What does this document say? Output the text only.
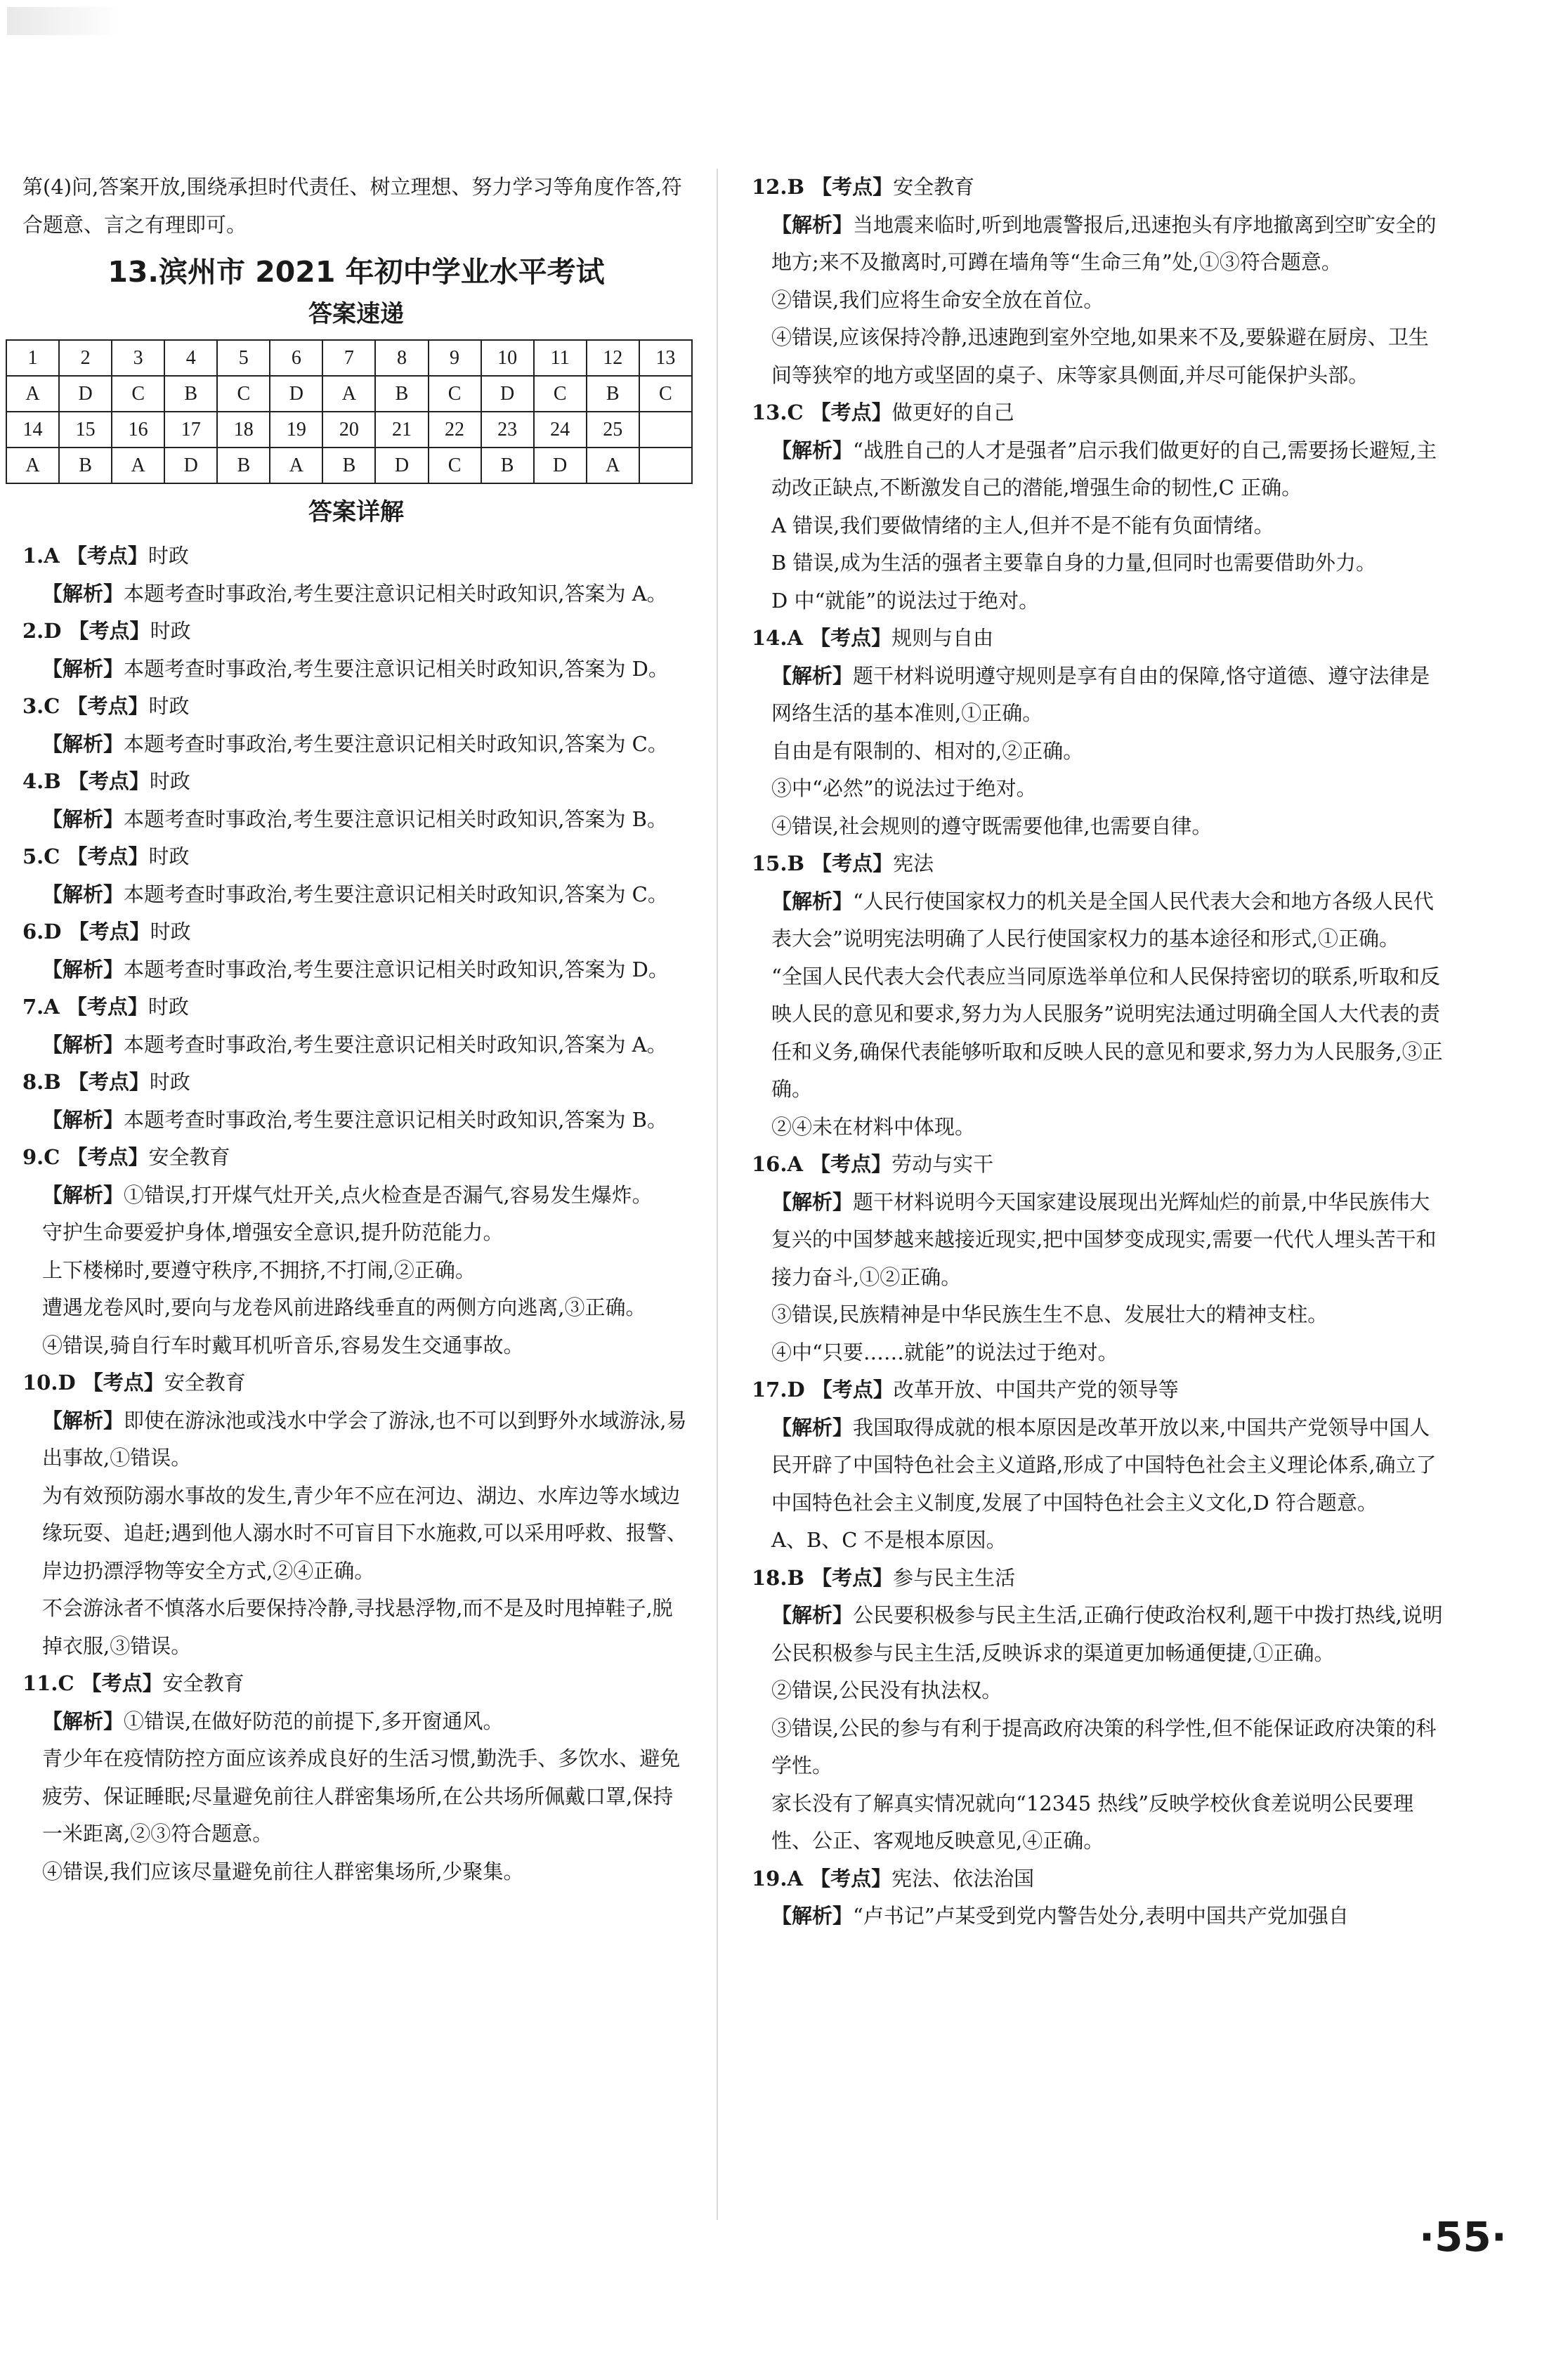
第(4)问,答案开放,围绕承担时代责任、树立理想、努力学习等角度作答,符合题意、言之有理即可。

13.滨州市 2021 年初中学业水平考试
答案速递
1	2	3	4	5	6	7	8	9	10	11	12	13
A	D	C	B	C	D	A	B	C	D	C	B	C
14	15	16	17	18	19	20	21	22	23	24	25	
A	B	A	D	B	A	B	D	C	B	D	A	
答案详解

1.A 【考点】时政

【解析】本题考查时事政治,考生要注意识记相关时政知识,答案为 A。

2.D 【考点】时政

【解析】本题考查时事政治,考生要注意识记相关时政知识,答案为 D。

3.C 【考点】时政

【解析】本题考查时事政治,考生要注意识记相关时政知识,答案为 C。

4.B 【考点】时政

【解析】本题考查时事政治,考生要注意识记相关时政知识,答案为 B。

5.C 【考点】时政

【解析】本题考查时事政治,考生要注意识记相关时政知识,答案为 C。

6.D 【考点】时政

【解析】本题考查时事政治,考生要注意识记相关时政知识,答案为 D。

7.A 【考点】时政

【解析】本题考查时事政治,考生要注意识记相关时政知识,答案为 A。

8.B 【考点】时政

【解析】本题考查时事政治,考生要注意识记相关时政知识,答案为 B。

9.C 【考点】安全教育

【解析】①错误,打开煤气灶开关,点火检查是否漏气,容易发生爆炸。

守护生命要爱护身体,增强安全意识,提升防范能力。

上下楼梯时,要遵守秩序,不拥挤,不打闹,②正确。

遭遇龙卷风时,要向与龙卷风前进路线垂直的两侧方向逃离,③正确。

④错误,骑自行车时戴耳机听音乐,容易发生交通事故。

10.D 【考点】安全教育

【解析】即使在游泳池或浅水中学会了游泳,也不可以到野外水域游泳,易出事故,①错误。

为有效预防溺水事故的发生,青少年不应在河边、湖边、水库边等水域边缘玩耍、追赶;遇到他人溺水时不可盲目下水施救,可以采用呼救、报警、岸边扔漂浮物等安全方式,②④正确。

不会游泳者不慎落水后要保持冷静,寻找悬浮物,而不是及时甩掉鞋子,脱掉衣服,③错误。

11.C 【考点】安全教育

【解析】①错误,在做好防范的前提下,多开窗通风。

青少年在疫情防控方面应该养成良好的生活习惯,勤洗手、多饮水、避免疲劳、保证睡眠;尽量避免前往人群密集场所,在公共场所佩戴口罩,保持一米距离,②③符合题意。

④错误,我们应该尽量避免前往人群密集场所,少聚集。

12.B 【考点】安全教育

【解析】当地震来临时,听到地震警报后,迅速抱头有序地撤离到空旷安全的地方;来不及撤离时,可蹲在墙角等“生命三角”处,①③符合题意。

②错误,我们应将生命安全放在首位。

④错误,应该保持冷静,迅速跑到室外空地,如果来不及,要躲避在厨房、卫生间等狭窄的地方或坚固的桌子、床等家具侧面,并尽可能保护头部。

13.C 【考点】做更好的自己

【解析】“战胜自己的人才是强者”启示我们做更好的自己,需要扬长避短,主动改正缺点,不断激发自己的潜能,增强生命的韧性,C 正确。

A 错误,我们要做情绪的主人,但并不是不能有负面情绪。

B 错误,成为生活的强者主要靠自身的力量,但同时也需要借助外力。

D 中“就能”的说法过于绝对。

14.A 【考点】规则与自由

【解析】题干材料说明遵守规则是享有自由的保障,恪守道德、遵守法律是网络生活的基本准则,①正确。

自由是有限制的、相对的,②正确。

③中“必然”的说法过于绝对。

④错误,社会规则的遵守既需要他律,也需要自律。

15.B 【考点】宪法

【解析】“人民行使国家权力的机关是全国人民代表大会和地方各级人民代表大会”说明宪法明确了人民行使国家权力的基本途径和形式,①正确。

“全国人民代表大会代表应当同原选举单位和人民保持密切的联系,听取和反映人民的意见和要求,努力为人民服务”说明宪法通过明确全国人大代表的责任和义务,确保代表能够听取和反映人民的意见和要求,努力为人民服务,③正确。

②④未在材料中体现。

16.A 【考点】劳动与实干

【解析】题干材料说明今天国家建设展现出光辉灿烂的前景,中华民族伟大复兴的中国梦越来越接近现实,把中国梦变成现实,需要一代代人埋头苦干和接力奋斗,①②正确。

③错误,民族精神是中华民族生生不息、发展壮大的精神支柱。

④中“只要……就能”的说法过于绝对。

17.D 【考点】改革开放、中国共产党的领导等

【解析】我国取得成就的根本原因是改革开放以来,中国共产党领导中国人民开辟了中国特色社会主义道路,形成了中国特色社会主义理论体系,确立了中国特色社会主义制度,发展了中国特色社会主义文化,D 符合题意。

A、B、C 不是根本原因。

18.B 【考点】参与民主生活

【解析】公民要积极参与民主生活,正确行使政治权利,题干中拨打热线,说明公民积极参与民主生活,反映诉求的渠道更加畅通便捷,①正确。

②错误,公民没有执法权。

③错误,公民的参与有利于提高政府决策的科学性,但不能保证政府决策的科学性。

家长没有了解真实情况就向“12345 热线”反映学校伙食差说明公民要理性、公正、客观地反映意见,④正确。

19.A 【考点】宪法、依法治国

【解析】“卢书记”卢某受到党内警告处分,表明中国共产党加强自

·55·
